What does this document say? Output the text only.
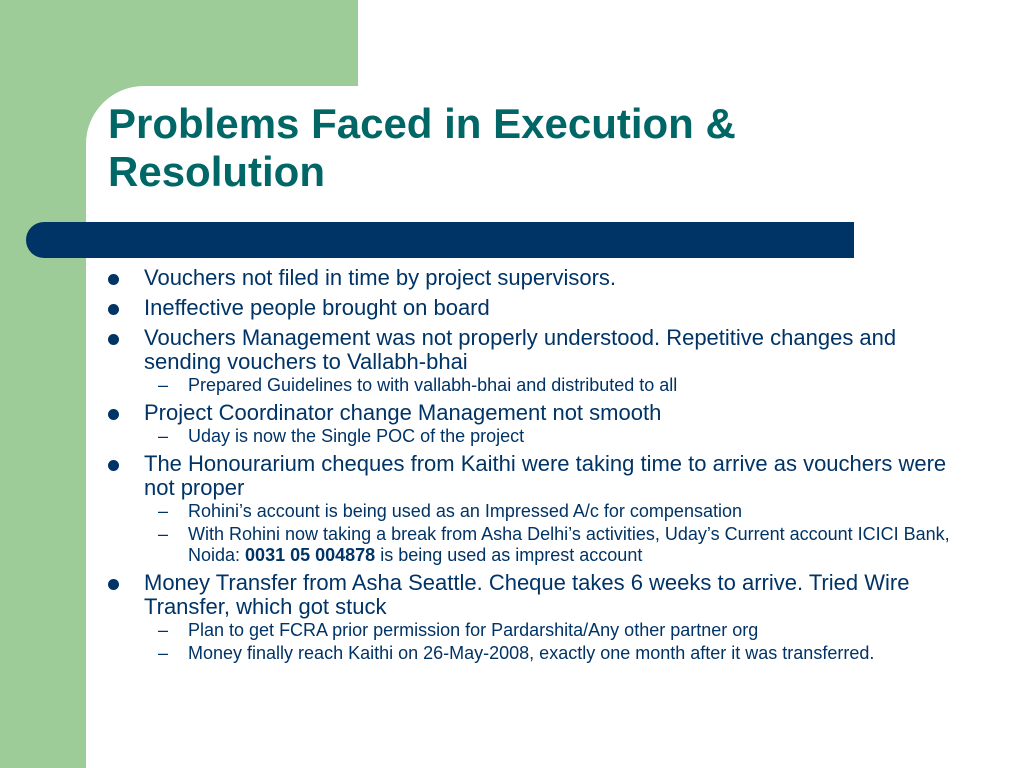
Problems Faced in Execution &
Resolution
Vouchers not filed in time by project supervisors.
Ineffective people brought on board
Vouchers Management was not properly understood. Repetitive changes and sending vouchers to Vallabh-bhai
– Prepared Guidelines to with vallabh-bhai and distributed to all
Project Coordinator change Management not smooth
– Uday is now the Single POC of the project
The Honourarium cheques from Kaithi were taking time to arrive as vouchers were not proper
– Rohini’s account is being used as an Impressed A/c for compensation
– With Rohini now taking a break from Asha Delhi’s activities, Uday’s Current account ICICI Bank, Noida: 0031 05 004878 is being used as imprest account
Money Transfer from Asha Seattle. Cheque takes 6 weeks to arrive. Tried Wire Transfer, which got stuck
– Plan to get FCRA prior permission for Pardarshita/Any other partner org
– Money finally reach Kaithi on 26-May-2008, exactly one month after it was transferred.
